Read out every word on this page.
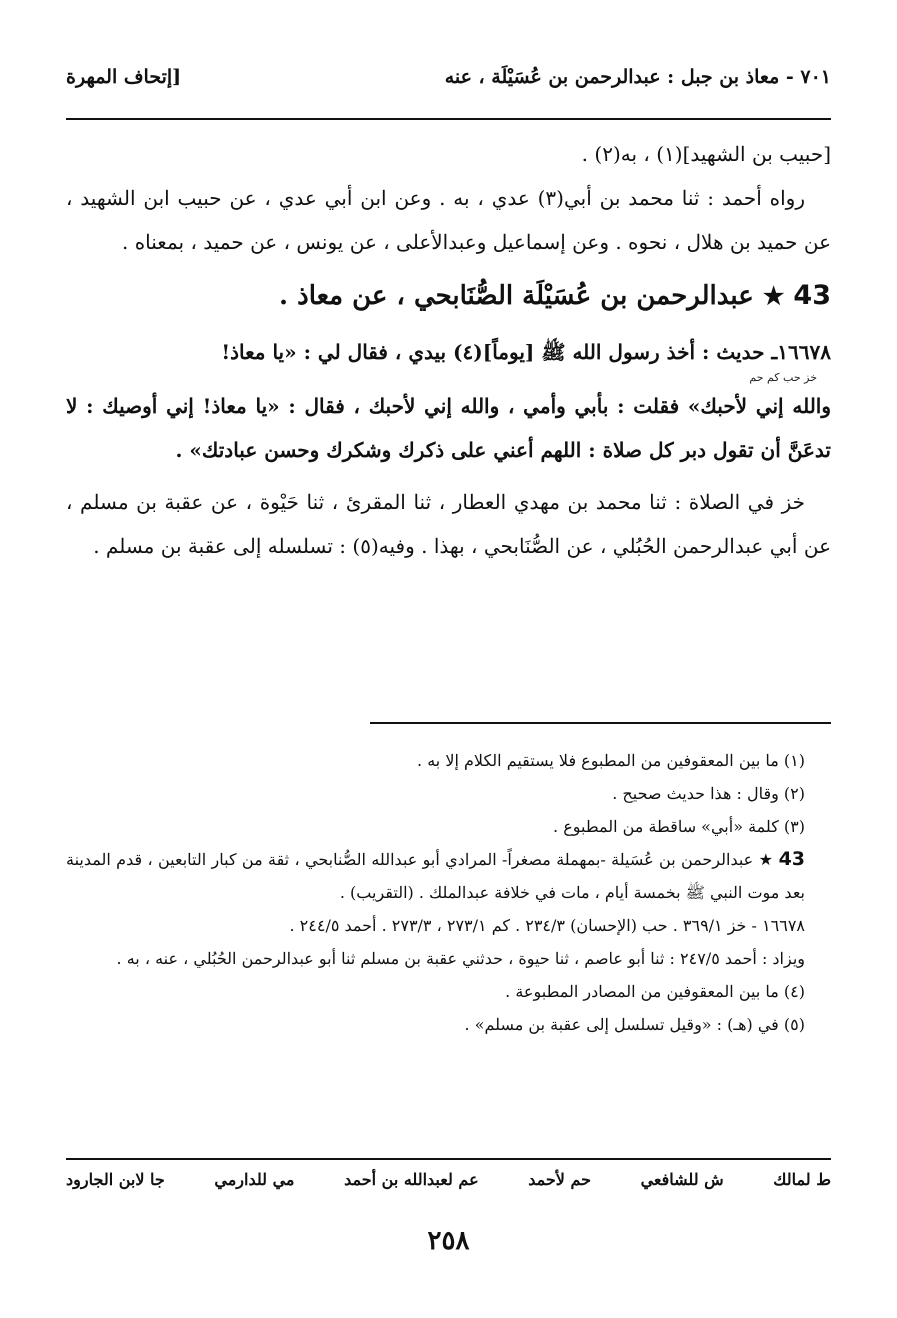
٧٠١ - معاذ بن جبل : عبدالرحمن بن عُسَيْلَة ، عنه
[إتحاف المهرة

[حبيب بن الشهيد](١) ، به(٢) .

رواه أحمد : ثنا محمد بن أبي(٣) عدي ، به . وعن ابن أبي عدي ، عن حبيب ابن الشهيد ، عن حميد بن هلال ، نحوه . وعن إسماعيل وعبدالأعلى ، عن يونس ، عن حميد ، بمعناه .

43 ★ عبدالرحمن بن عُسَيْلَة الصُّنَابحي ، عن معاذ .

١٦٦٧٨ـ حديث : أخذ رسول الله ﷺ [يوماً](٤) بيدي ، فقال لي : «يا معاذ!

خز حب كم حم

والله إني لأحبك» فقلت : بأبي وأمي ، والله إني لأحبك ، فقال : «يا معاذ! إني أوصيك : لا تدعَنَّ أن تقول دبر كل صلاة : اللهم أعني على ذكرك وشكرك وحسن عبادتك» .

خز في الصلاة : ثنا محمد بن مهدي العطار ، ثنا المقرئ ، ثنا حَيْوة ، عن عقبة بن مسلم ، عن أبي عبدالرحمن الحُبُلي ، عن الصُّنَابحي ، بهذا . وفيه(٥) : تسلسله إلى عقبة بن مسلم .

(١) ما بين المعقوفين من المطبوع فلا يستقيم الكلام إلا به .

(٢) وقال : هذا حديث صحيح .

(٣) كلمة «أبي» ساقطة من المطبوع .

43 ★ عبدالرحمن بن عُسَيلة -بمهملة مصغراً- المرادي أبو عبدالله الصُّنابحي ، ثقة من كبار التابعين ، قدم المدينة بعد موت النبي ﷺ بخمسة أيام ، مات في خلافة عبدالملك . (التقريب) .

١٦٦٧٨ - خز ٣٦٩/١ . حب (الإحسان) ٢٣٤/٣ . كم ٢٧٣/١ ، ٢٧٣/٣ . أحمد ٢٤٤/٥ .

ويزاد : أحمد ٢٤٧/٥ : ثنا أبو عاصم ، ثنا حيوة ، حدثني عقبة بن مسلم ثنا أبو عبدالرحمن الحُبُلي ، عنه ، به .

(٤) ما بين المعقوفين من المصادر المطبوعة .

(٥) في (هـ) : «وقيل تسلسل إلى عقبة بن مسلم» .

ط لمالك
ش للشافعي
حم لأحمد
عم لعبدالله بن أحمد
مي للدارمي
جا لابن الجارود
٢٥٨
